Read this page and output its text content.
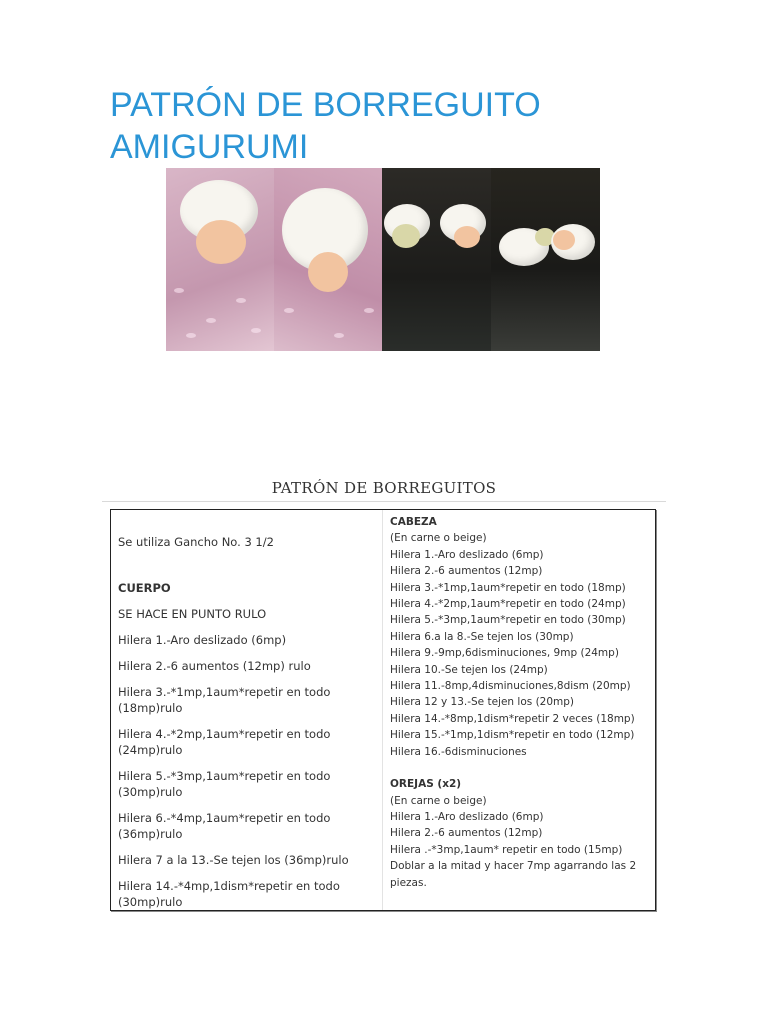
PATRÓN DE BORREGUITO
AMIGURUMI
PATRÓN DE BORREGUITOS

Se utiliza Gancho No. 3 1/2

CUERPO

SE HACE EN PUNTO RULO

Hilera 1.-Aro deslizado (6mp)

Hilera 2.-6 aumentos (12mp) rulo

Hilera 3.-*1mp,1aum*repetir en todo (18mp)rulo

Hilera 4.-*2mp,1aum*repetir en todo (24mp)rulo

Hilera 5.-*3mp,1aum*repetir en todo (30mp)rulo

Hilera 6.-*4mp,1aum*repetir en todo (36mp)rulo

Hilera 7 a la 13.-Se tejen los (36mp)rulo

Hilera 14.-*4mp,1dism*repetir en todo (30mp)rulo

CABEZA
(En carne o beige)
Hilera 1.-Aro deslizado (6mp)
Hilera 2.-6 aumentos (12mp)
Hilera 3.-*1mp,1aum*repetir en todo (18mp)
Hilera 4.-*2mp,1aum*repetir en todo (24mp)
Hilera 5.-*3mp,1aum*repetir en todo (30mp)
Hilera 6.a la 8.-Se tejen los (30mp)
Hilera 9.-9mp,6disminuciones, 9mp (24mp)
Hilera 10.-Se tejen los (24mp)
Hilera 11.-8mp,4disminuciones,8dism (20mp)
Hilera 12 y 13.-Se tejen los (20mp)
Hilera 14.-*8mp,1dism*repetir 2 veces (18mp)
Hilera 15.-*1mp,1dism*repetir en todo (12mp)
Hilera 16.-6disminuciones
OREJAS (x2)
(En carne o beige)
Hilera 1.-Aro deslizado (6mp)
Hilera 2.-6 aumentos (12mp)
Hilera .-*3mp,1aum* repetir en todo (15mp)
Doblar a la mitad y hacer 7mp agarrando las 2
piezas.
